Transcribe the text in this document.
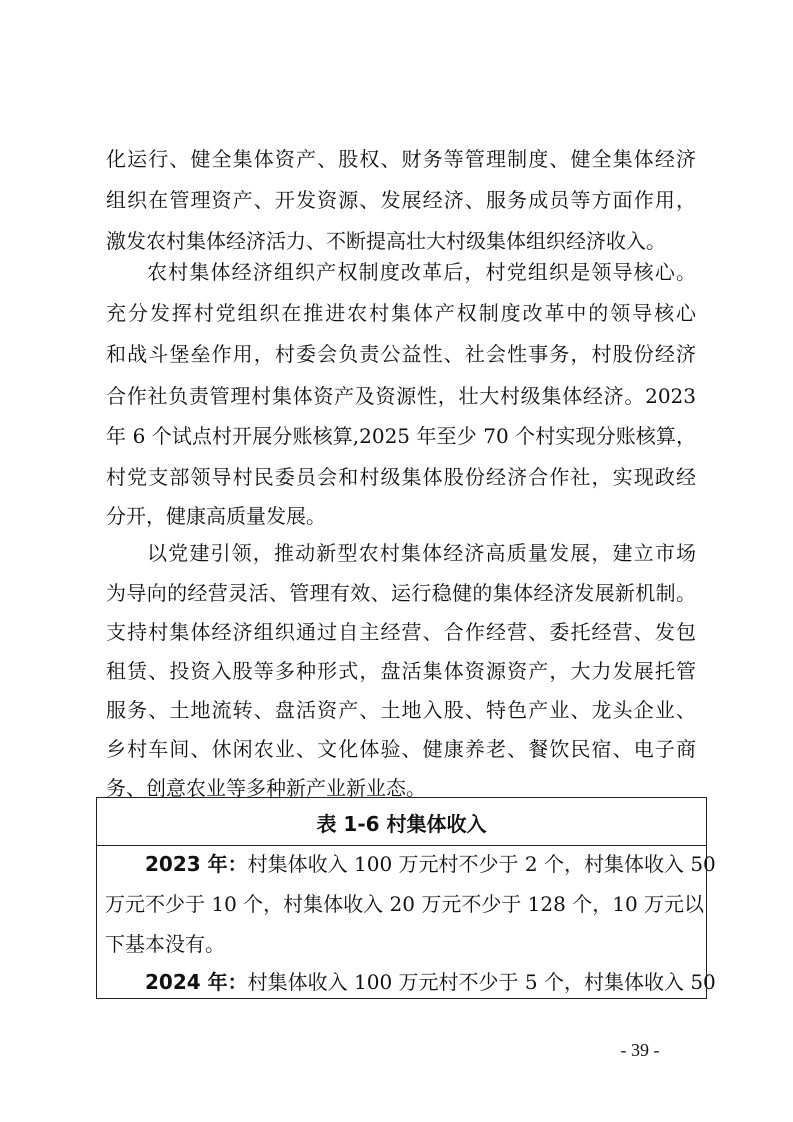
化运行、健全集体资产、股权、财务等管理制度、健全集体经济
组织在管理资产、开发资源、发展经济、服务成员等方面作用，
激发农村集体经济活力、不断提高壮大村级集体组织经济收入。
农村集体经济组织产权制度改革后，村党组织是领导核心。
充分发挥村党组织在推进农村集体产权制度改革中的领导核心
和战斗堡垒作用，村委会负责公益性、社会性事务，村股份经济
合作社负责管理村集体资产及资源性，壮大村级集体经济。2023
年 6 个试点村开展分账核算,2025 年至少 70 个村实现分账核算，
村党支部领导村民委员会和村级集体股份经济合作社，实现政经
分开，健康高质量发展。
以党建引领，推动新型农村集体经济高质量发展，建立市场
为导向的经营灵活、管理有效、运行稳健的集体经济发展新机制。
支持村集体经济组织通过自主经营、合作经营、委托经营、发包
租赁、投资入股等多种形式，盘活集体资源资产，大力发展托管
服务、土地流转、盘活资产、土地入股、特色产业、龙头企业、
乡村车间、休闲农业、文化体验、健康养老、餐饮民宿、电子商
务、创意农业等多种新产业新业态。
表 1-6 村集体收入
2023 年：村集体收入 100 万元村不少于 2 个，村集体收入 50
万元不少于 10 个，村集体收入 20 万元不少于 128 个，10 万元以
下基本没有。
2024 年：村集体收入 100 万元村不少于 5 个，村集体收入 50
- 39 -
